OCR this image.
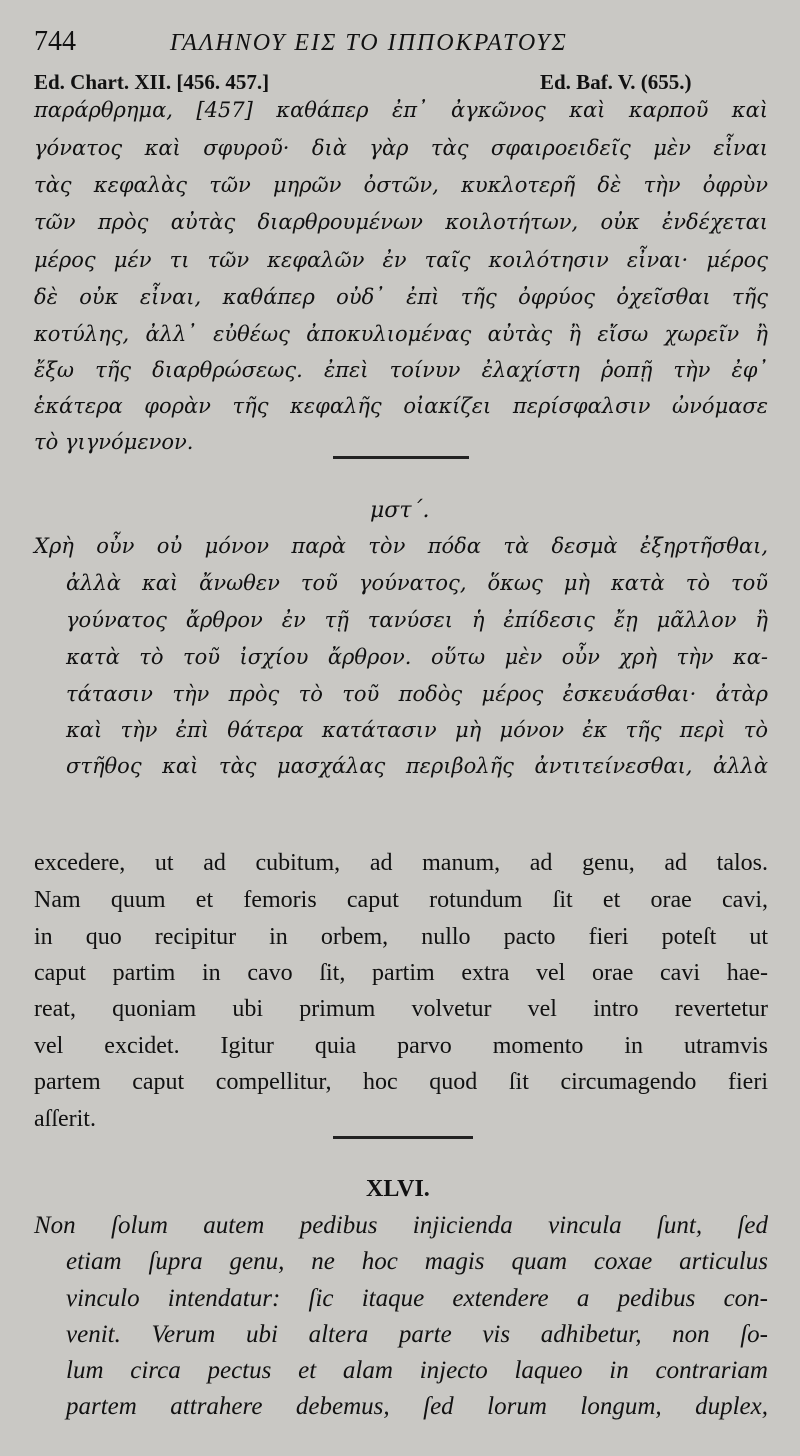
744	ΓΑΛΗΝΟΥ ΕΙΣ ΤΟ ΙΠΠΟΚΡΑΤΟΥΣ
Ed. Chart. XII. [456. 457.]	Ed. Baf. V. (655.)
παράρθρημα, [457] καθάπερ ἐπ᾽ ἀγκῶνος καὶ καρποῦ καὶ
γόνατος καὶ σφυροῦ· διὰ γὰρ τὰς σφαιροειδεῖς μὲν εἶναι
τὰς κεφαλὰς τῶν μηρῶν ὀστῶν, κυκλοτερῆ δὲ τὴν ὀφρὺν
τῶν πρὸς αὐτὰς διαρθρουμένων κοιλοτήτων, οὐκ ἐνδέχεται
μέρος μέν τι τῶν κεφαλῶν ἐν ταῖς κοιλότησιν εἶναι· μέρος
δὲ οὐκ εἶναι, καθάπερ οὐδ᾽ ἐπὶ τῆς ὀφρύος ὀχεῖσθαι τῆς
κοτύλης, ἀλλ᾽ εὐθέως ἀποκυλιομένας αὐτὰς ἢ εἴσω χωρεῖν ἢ
ἔξω τῆς διαρθρώσεως. ἐπεὶ τοίνυν ἐλαχίστη ῥοπῇ τὴν ἐφ᾽
ἑκάτερα φορὰν τῆς κεφαλῆς οἰακίζει περίσφαλσιν ὠνόμασε
τὸ γιγνόμενον.
μστ΄.
Χρὴ οὖν οὐ μόνον παρὰ τὸν πόδα τὰ δεσμὰ ἐξηρτῆσθαι,
ἀλλὰ καὶ ἄνωθεν τοῦ γούνατος, ὅκως μὴ κατὰ τὸ τοῦ
γούνατος ἄρθρον ἐν τῇ τανύσει ἡ ἐπίδεσις ἔῃ μᾶλλον ἢ
κατὰ τὸ τοῦ ἰσχίου ἄρθρον. οὕτω μὲν οὖν χρὴ τὴν κα-
τάτασιν τὴν πρὸς τὸ τοῦ ποδὸς μέρος ἐσκευάσθαι· ἀτὰρ
καὶ τὴν ἐπὶ θάτερα κατάτασιν μὴ μόνον ἐκ τῆς περὶ τὸ
στῆθος καὶ τὰς μασχάλας περιβολῆς ἀντιτείνεσθαι, ἀλλὰ
excedere, ut ad cubitum, ad manum, ad genu, ad talos.
Nam quum et femoris caput rotundum ſit et orae cavi,
in quo recipitur in orbem, nullo pacto fieri poteſt ut
caput partim in cavo ſit, partim extra vel orae cavi hae-
reat, quoniam ubi primum volvetur vel intro revertetur
vel excidet. Igitur quia parvo momento in utramvis
partem caput compellitur, hoc quod ſit circumagendo fieri
aſſerit.
XLVI.
Non ſolum autem pedibus injicienda vincula ſunt, ſed
etiam ſupra genu, ne hoc magis quam coxae articulus
vinculo intendatur: ſic itaque extendere a pedibus con-
venit. Verum ubi altera parte vis adhibetur, non ſo-
lum circa pectus et alam injecto laqueo in contrariam
partem attrahere debemus, ſed lorum longum, duplex,
